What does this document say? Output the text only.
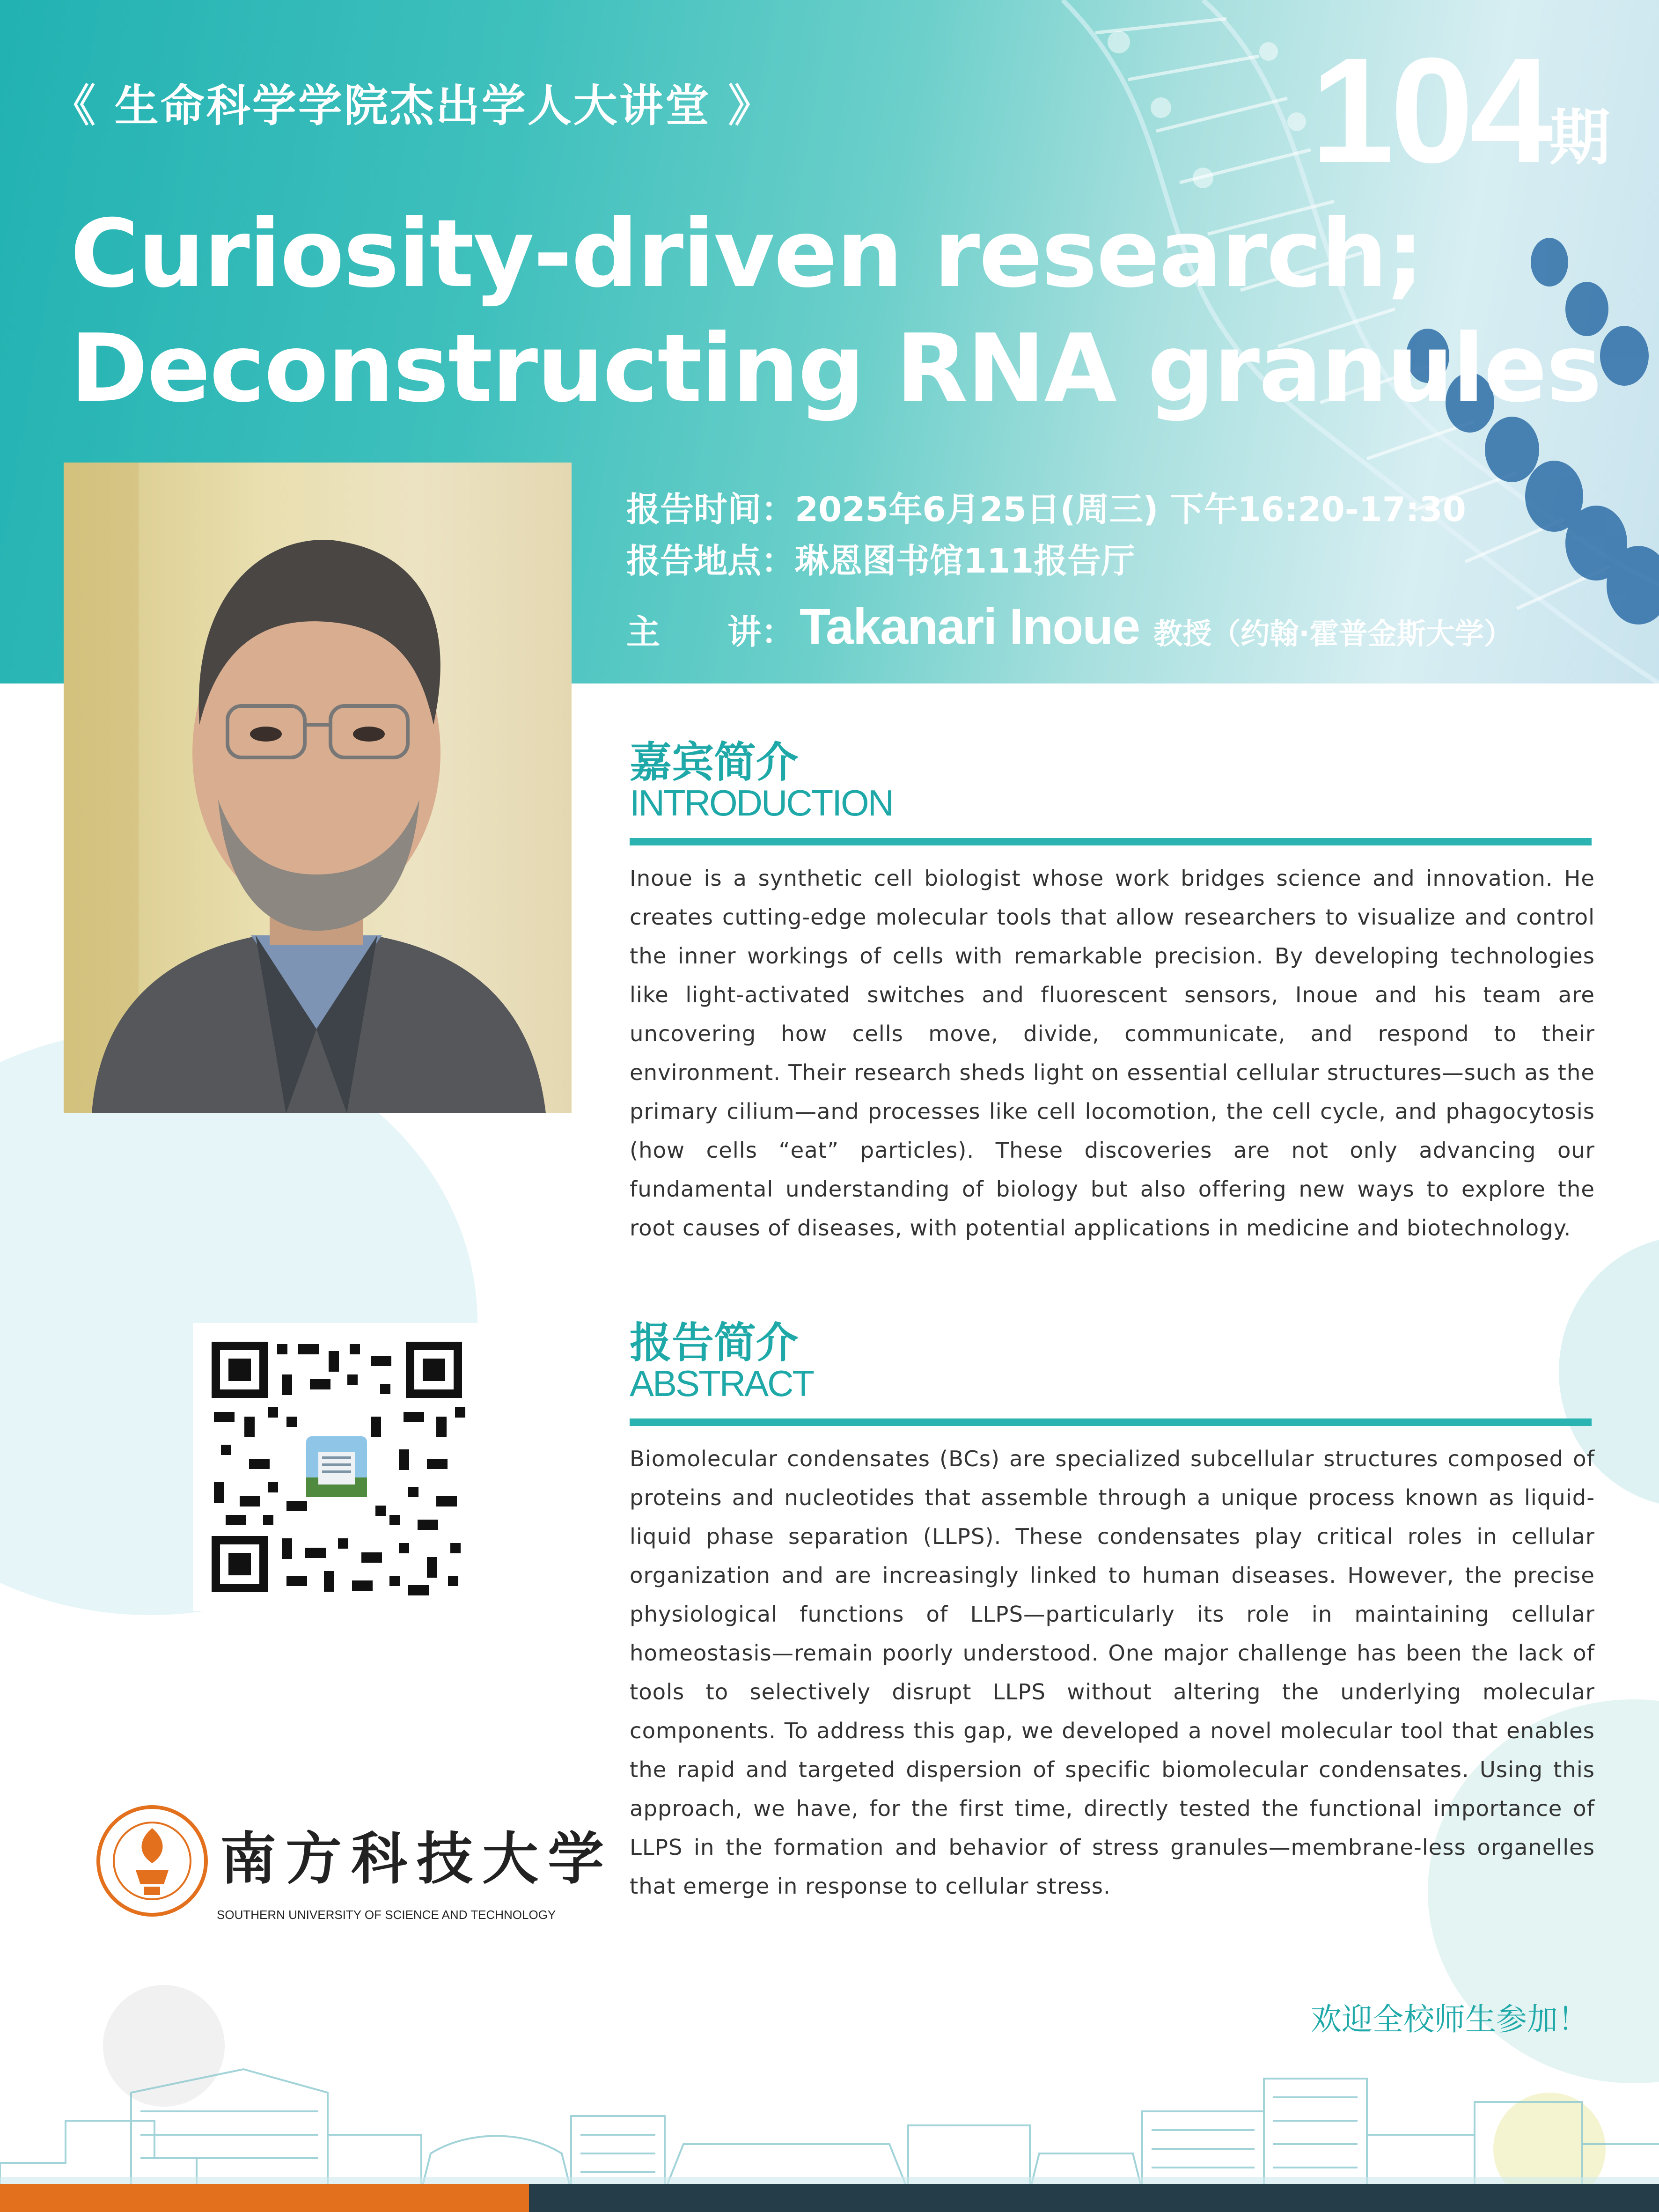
《 生命科学学院杰出学人大讲堂 》	104 期
Curiosity-driven research;
Deconstructing RNA granules
报告时间：2025年6月25日(周三) 下午16:20-17:30
报告地点：琳恩图书馆111报告厅
主　　讲：Takanari Inoue 教授（约翰·霍普金斯大学）
嘉宾简介
INTRODUCTION
Inoue is a synthetic cell biologist whose work bridges science and innovation. He creates cutting-edge molecular tools that allow researchers to visualize and control the inner workings of cells with remarkable precision. By developing technologies like light-activated switches and fluorescent sensors, Inoue and his team are uncovering how cells move, divide, communicate, and respond to their environment. Their research sheds light on essential cellular structures—such as the primary cilium—and processes like cell locomotion, the cell cycle, and phagocytosis (how cells “eat” particles). These discoveries are not only advancing our fundamental understanding of biology but also offering new ways to explore the root causes of diseases, with potential applications in medicine and biotechnology.
报告简介
ABSTRACT
Biomolecular condensates (BCs) are specialized subcellular structures composed of proteins and nucleotides that assemble through a unique process known as liquid-liquid phase separation (LLPS). These condensates play critical roles in cellular organization and are increasingly linked to human diseases. However, the precise physiological functions of LLPS—particularly its role in maintaining cellular homeostasis—remain poorly understood. One major challenge has been the lack of tools to selectively disrupt LLPS without altering the underlying molecular components. To address this gap, we developed a novel molecular tool that enables the rapid and targeted dispersion of specific biomolecular condensates. Using this approach, we have, for the first time, directly tested the functional importance of LLPS in the formation and behavior of stress granules—membrane-less organelles that emerge in response to cellular stress.
南方科技大学
SOUTHERN UNIVERSITY OF SCIENCE AND TECHNOLOGY
欢迎全校师生参加！
